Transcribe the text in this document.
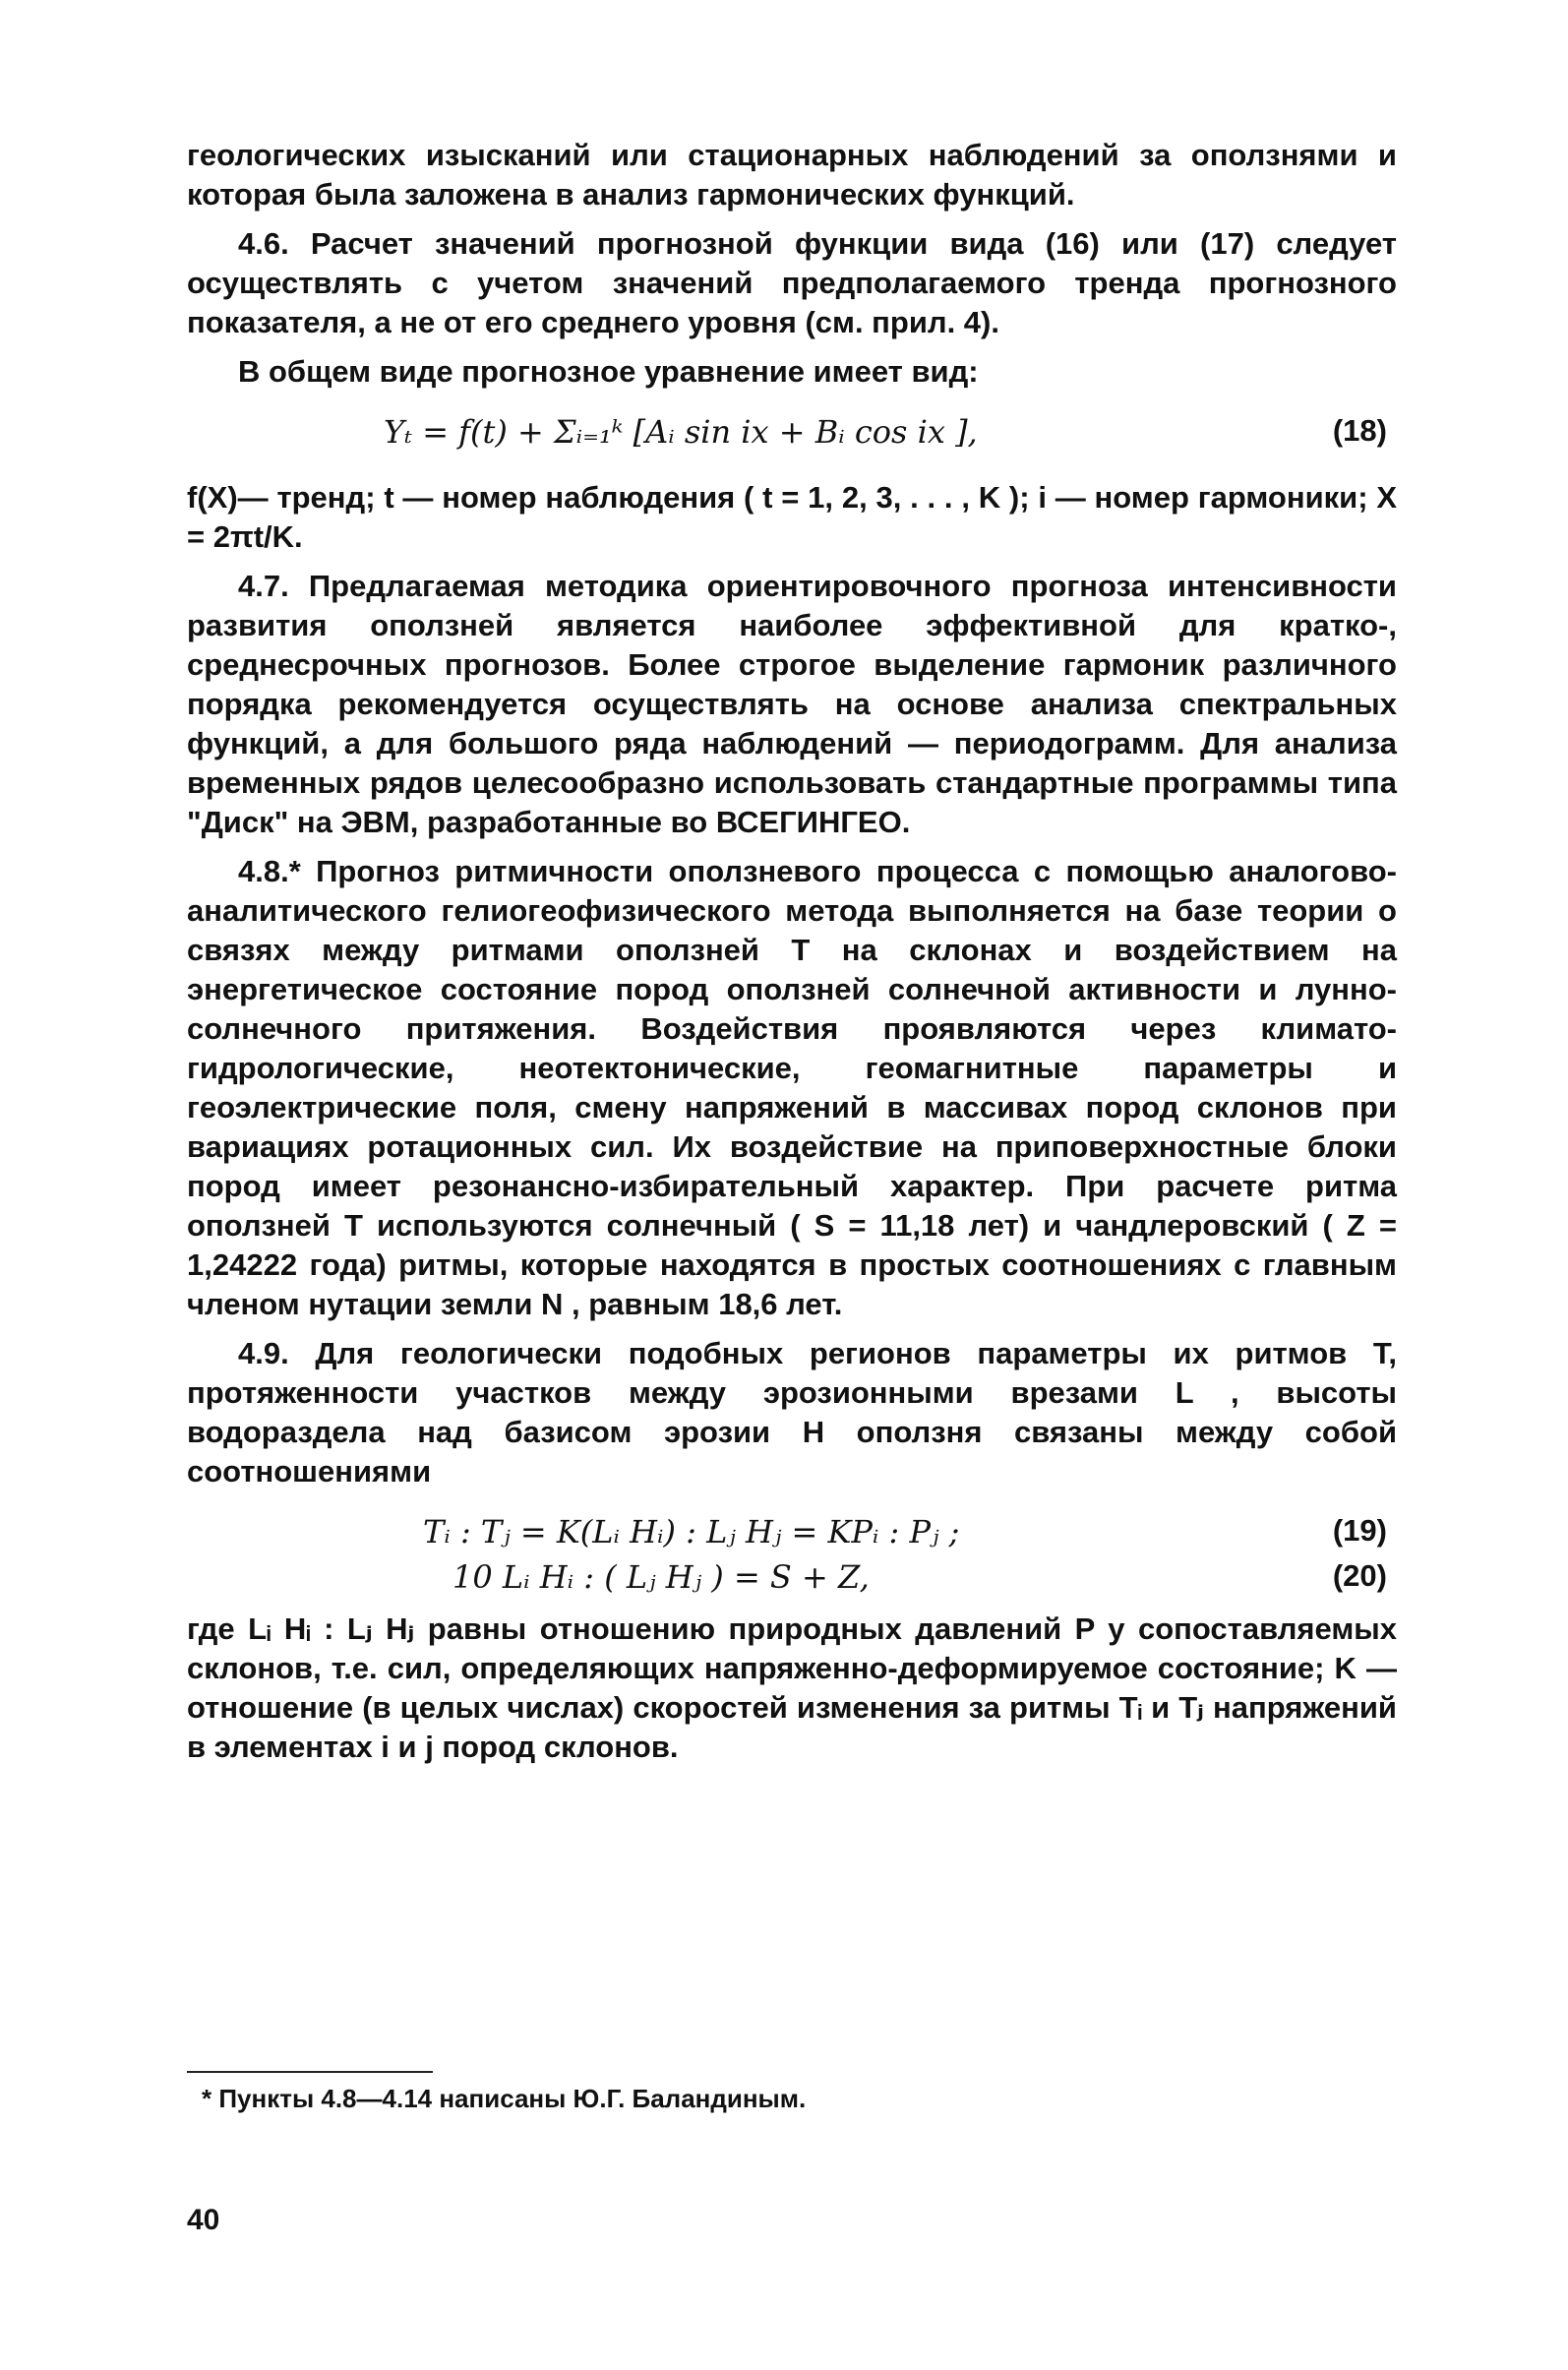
геологических изысканий или стационарных наблюдений за оползнями и которая была заложена в анализ гармонических функций.

4.6. Расчет значений прогнозной функции вида (16) или (17) следует осуществлять с учетом значений предполагаемого тренда прогнозного показателя, а не от его среднего уровня (см. прил. 4).

В общем виде прогнозное уравнение имеет вид:

Yₜ = f(t) + Σᵢ₌₁ᵏ [Aᵢ sin ix + Bᵢ cos ix ],	(18)

f(X)— тренд; t — номер наблюдения ( t = 1, 2, 3, . . . , K ); i — номер гармоники; X = 2πt/K.

4.7. Предлагаемая методика ориентировочного прогноза интенсивности развития оползней является наиболее эффективной для кратко-, среднесрочных прогнозов. Более строгое выделение гармоник различного порядка рекомендуется осуществлять на основе анализа спектральных функций, а для большого ряда наблюдений — периодограмм. Для анализа временных рядов целесообразно использовать стандартные программы типа "Диск" на ЭВМ, разработанные во ВСЕГИНГЕО.

4.8.* Прогноз ритмичности оползневого процесса с помощью аналогово-аналитического гелиогеофизического метода выполняется на базе теории о связях между ритмами оползней T на склонах и воздействием на энергетическое состояние пород оползней солнечной активности и лунно-солнечного притяжения. Воздействия проявляются через климато-гидрологические, неотектонические, геомагнитные параметры и геоэлектрические поля, смену напряжений в массивах пород склонов при вариациях ротационных сил. Их воздействие на приповерхностные блоки пород имеет резонансно-избирательный характер. При расчете ритма оползней T используются солнечный ( S = 11,18 лет) и чандлеровский ( Z = 1,24222 года) ритмы, которые находятся в простых соотношениях с главным членом нутации земли N , равным 18,6 лет.

4.9. Для геологически подобных регионов параметры их ритмов T, протяженности участков между эрозионными врезами L , высоты водораздела над базисом эрозии H оползня связаны между собой соотношениями

Tᵢ : Tⱼ = K(Lᵢ Hᵢ) : Lⱼ Hⱼ = KPᵢ : Pⱼ ;	(19)
10 Lᵢ Hᵢ : ( Lⱼ Hⱼ ) = S + Z,	(20)

где Lᵢ Hᵢ : Lⱼ Hⱼ равны отношению природных давлений P у сопоставляемых склонов, т.е. сил, определяющих напряженно-деформируемое состояние; K — отношение (в целых числах) скоростей изменения за ритмы Tᵢ и Tⱼ напряжений в элементах i и j пород склонов.

* Пункты 4.8—4.14 написаны Ю.Г. Баландиным.

40
